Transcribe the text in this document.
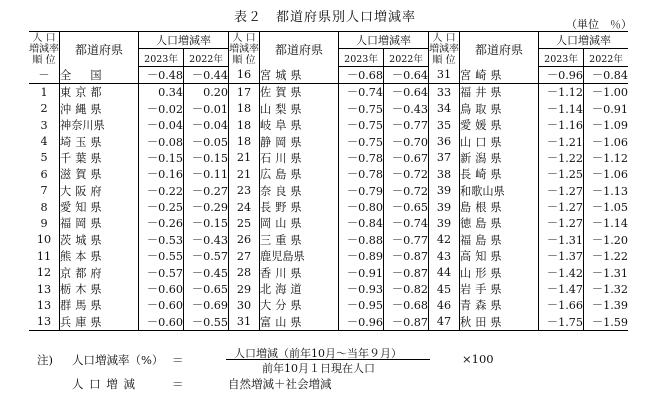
表２　都道府県別人口増減率	（単位　％）
人 口
増減率
順 位	都道府県	人口増減率		人 口
増減率
順 位	都道府県	人口増減率		人 口
増減率
順 位	都道府県	人口増減率	
		2023年	2022年			2023年	2022年			2023年	2022年
－	全　国	－0.48	－0.44	16	宮城県	－0.68	－0.64	31	宮崎県	－0.96	－0.84
1	東京都	0.34	0.20	17	佐賀県	－0.74	－0.64	33	福井県	－1.12	－1.00
2	沖縄県	－0.02	－0.01	18	山梨県	－0.75	－0.43	34	鳥取県	－1.14	－0.91
3	神奈川県	－0.04	－0.04	18	岐阜県	－0.75	－0.77	35	愛媛県	－1.16	－1.09
4	埼玉県	－0.08	－0.05	18	静岡県	－0.75	－0.70	36	山口県	－1.21	－1.06
5	千葉県	－0.15	－0.15	21	石川県	－0.78	－0.67	37	新潟県	－1.22	－1.12
6	滋賀県	－0.16	－0.11	21	広島県	－0.78	－0.72	38	長崎県	－1.25	－1.06
7	大阪府	－0.22	－0.27	23	奈良県	－0.79	－0.72	39	和歌山県	－1.27	－1.13
8	愛知県	－0.25	－0.29	24	長野県	－0.80	－0.65	39	島根県	－1.27	－1.05
9	福岡県	－0.26	－0.15	25	岡山県	－0.84	－0.74	39	徳島県	－1.27	－1.14
10	茨城県	－0.53	－0.43	26	三重県	－0.88	－0.77	42	福島県	－1.31	－1.20
11	熊本県	－0.55	－0.57	27	鹿児島県	－0.89	－0.87	43	高知県	－1.37	－1.22
12	京都府	－0.57	－0.45	28	香川県	－0.91	－0.87	44	山形県	－1.42	－1.31
13	栃木県	－0.60	－0.65	29	北海道	－0.93	－0.82	45	岩手県	－1.47	－1.32
13	群馬県	－0.60	－0.69	30	大分県	－0.95	－0.68	46	青森県	－1.66	－1.39
13	兵庫県	－0.60	－0.55	31	富山県	－0.96	－0.87	47	秋田県	－1.75	－1.59
注) 人口増減率（%） ＝	人口増減（前年10月～当年９月）
前年10月１日現在人口
×100
人 口 増 減	＝	自然増減＋社会増減
